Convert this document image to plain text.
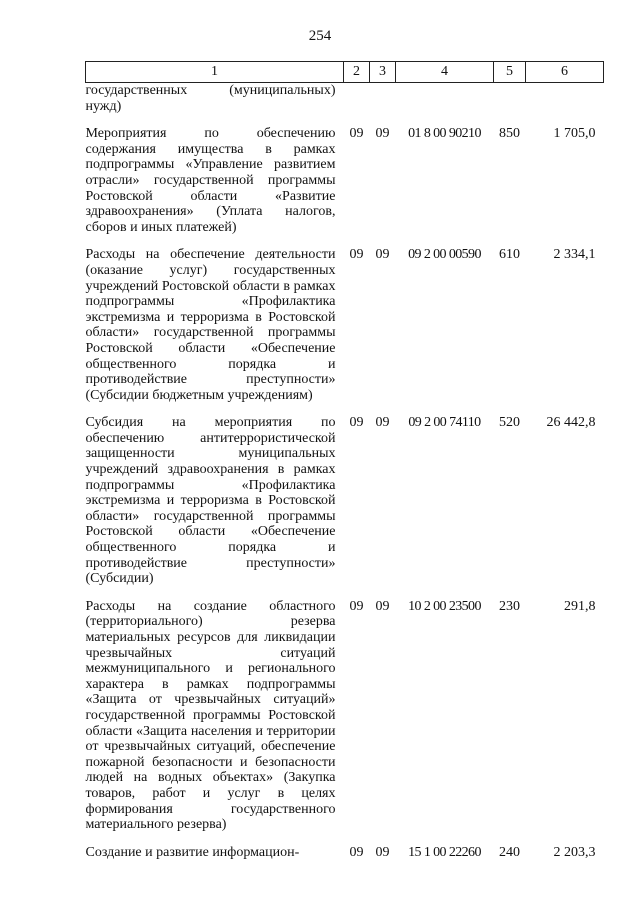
254
1	2	3	4	5	6
государственных (муниципальных) нужд)					
Мероприятия по обеспечению содержания имущества в рамках подпрограммы «Управление развитием отрасли» государственной программы Ростовской области «Развитие здравоохранения» (Уплата налогов, сборов и иных платежей)	09	09	01 8 00 90210	850	1 705,0
Расходы на обеспечение деятельности (оказание услуг) государственных учреждений Ростовской области в рамках подпрограммы «Профилактика экстремизма и терроризма в Ростовской области» государственной программы Ростовской области «Обеспечение общественного порядка и противодействие преступности» (Субсидии бюджетным учреждениям)	09	09	09 2 00 00590	610	2 334,1
Субсидия на мероприятия по обеспечению антитеррористической защищенности муниципальных учреждений здравоохранения в рамках подпрограммы «Профилактика экстремизма и терроризма в Ростовской области» государственной программы Ростовской области «Обеспечение общественного порядка и противодействие преступности» (Субсидии)	09	09	09 2 00 74110	520	26 442,8
Расходы на создание областного (территориального) резерва материальных ресурсов для ликвидации чрезвычайных ситуаций межмуниципального и регионального характера в рамках подпрограммы «Защита от чрезвычайных ситуаций» государственной программы Ростовской области «Защита населения и территории от чрезвычайных ситуаций, обеспечение пожарной безопасности и безопасности людей на водных объектах» (Закупка товаров, работ и услуг в целях формирования государственного материального резерва)	09	09	10 2 00 23500	230	291,8
Создание и развитие информацион-	09	09	15 1 00 22260	240	2 203,3
